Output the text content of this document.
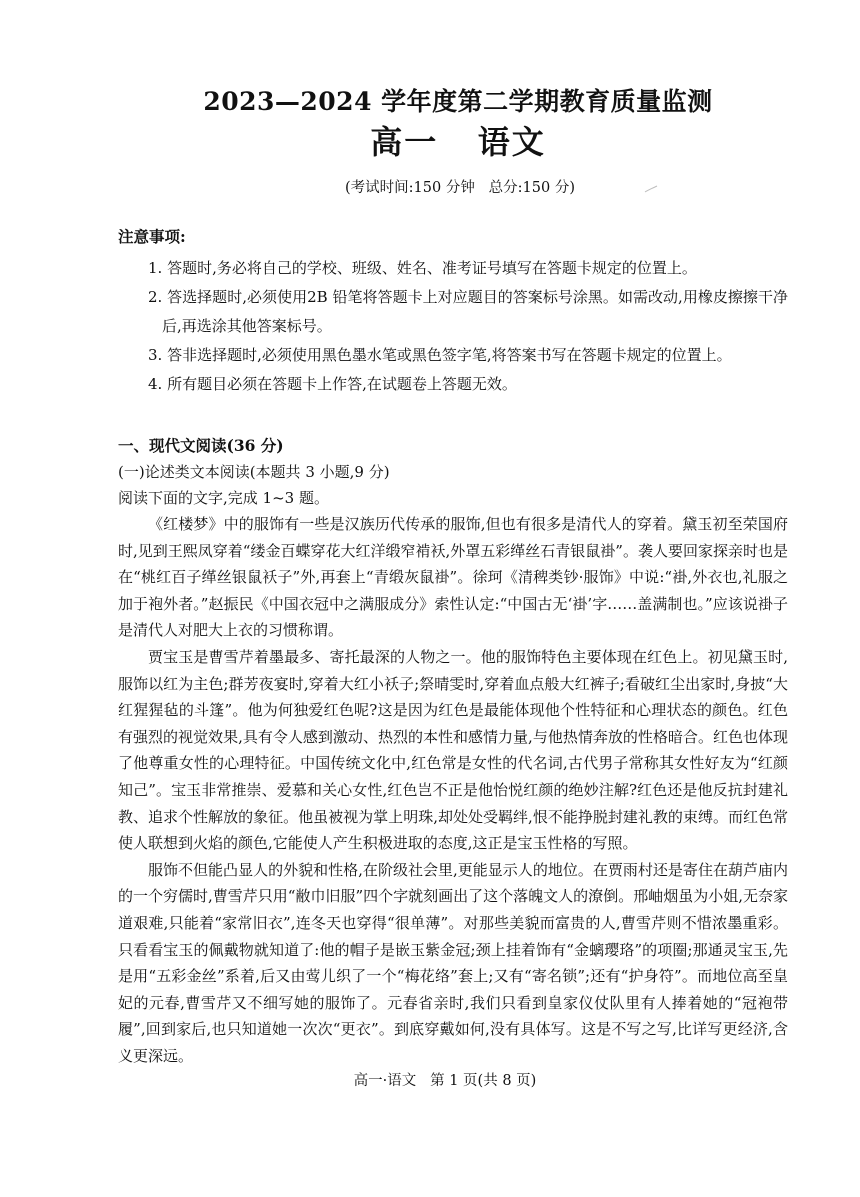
2023—2024 学年度第二学期教育质量监测
高一   语文

(考试时间:150 分钟   总分:150 分)

注意事项:

1. 答题时,务必将自己的学校、班级、姓名、准考证号填写在答题卡规定的位置上。
2. 答选择题时,必须使用2B 铅笔将答题卡上对应题目的答案标号涂黑。如需改动,用橡皮擦擦干净后,再选涂其他答案标号。
3. 答非选择题时,必须使用黑色墨水笔或黑色签字笔,将答案书写在答题卡规定的位置上。
4. 所有题目必须在答题卡上作答,在试题卷上答题无效。

一、现代文阅读(36 分)

(一)论述类文本阅读(本题共 3 小题,9 分)

阅读下面的文字,完成 1~3 题。

《红楼梦》中的服饰有一些是汉族历代传承的服饰,但也有很多是清代人的穿着。黛玉初至荣国府时,见到王熙凤穿着“缕金百蝶穿花大红洋缎窄褃袄,外罩五彩缂丝石青银鼠褂”。袭人要回家探亲时也是在“桃红百子缂丝银鼠袄子”外,再套上“青缎灰鼠褂”。徐珂《清稗类钞·服饰》中说:“褂,外衣也,礼服之加于袍外者。”赵振民《中国衣冠中之满服成分》索性认定:“中国古无‘褂’字……盖满制也。”应该说褂子是清代人对肥大上衣的习惯称谓。

贾宝玉是曹雪芹着墨最多、寄托最深的人物之一。他的服饰特色主要体现在红色上。初见黛玉时,服饰以红为主色;群芳夜宴时,穿着大红小袄子;祭晴雯时,穿着血点般大红裤子;看破红尘出家时,身披“大红猩猩毡的斗篷”。他为何独爱红色呢?这是因为红色是最能体现他个性特征和心理状态的颜色。红色有强烈的视觉效果,具有令人感到激动、热烈的本性和感情力量,与他热情奔放的性格暗合。红色也体现了他尊重女性的心理特征。中国传统文化中,红色常是女性的代名词,古代男子常称其女性好友为“红颜知己”。宝玉非常推崇、爱慕和关心女性,红色岂不正是他怡悦红颜的绝妙注解?红色还是他反抗封建礼教、追求个性解放的象征。他虽被视为掌上明珠,却处处受羁绊,恨不能挣脱封建礼教的束缚。而红色常使人联想到火焰的颜色,它能使人产生积极进取的态度,这正是宝玉性格的写照。

服饰不但能凸显人的外貌和性格,在阶级社会里,更能显示人的地位。在贾雨村还是寄住在葫芦庙内的一个穷儒时,曹雪芹只用“敝巾旧服”四个字就刻画出了这个落魄文人的潦倒。邢岫烟虽为小姐,无奈家道艰难,只能着“家常旧衣”,连冬天也穿得“很单薄”。对那些美貌而富贵的人,曹雪芹则不惜浓墨重彩。只看看宝玉的佩戴物就知道了:他的帽子是嵌玉紫金冠;颈上挂着饰有“金螭璎珞”的项圈;那通灵宝玉,先是用“五彩金丝”系着,后又由莺儿织了一个“梅花络”套上;又有“寄名锁”;还有“护身符”。而地位高至皇妃的元春,曹雪芹又不细写她的服饰了。元春省亲时,我们只看到皇家仪仗队里有人捧着她的“冠袍带履”,回到家后,也只知道她一次次“更衣”。到底穿戴如何,没有具体写。这是不写之写,比详写更经济,含义更深远。

高一·语文   第 1 页(共 8 页)
